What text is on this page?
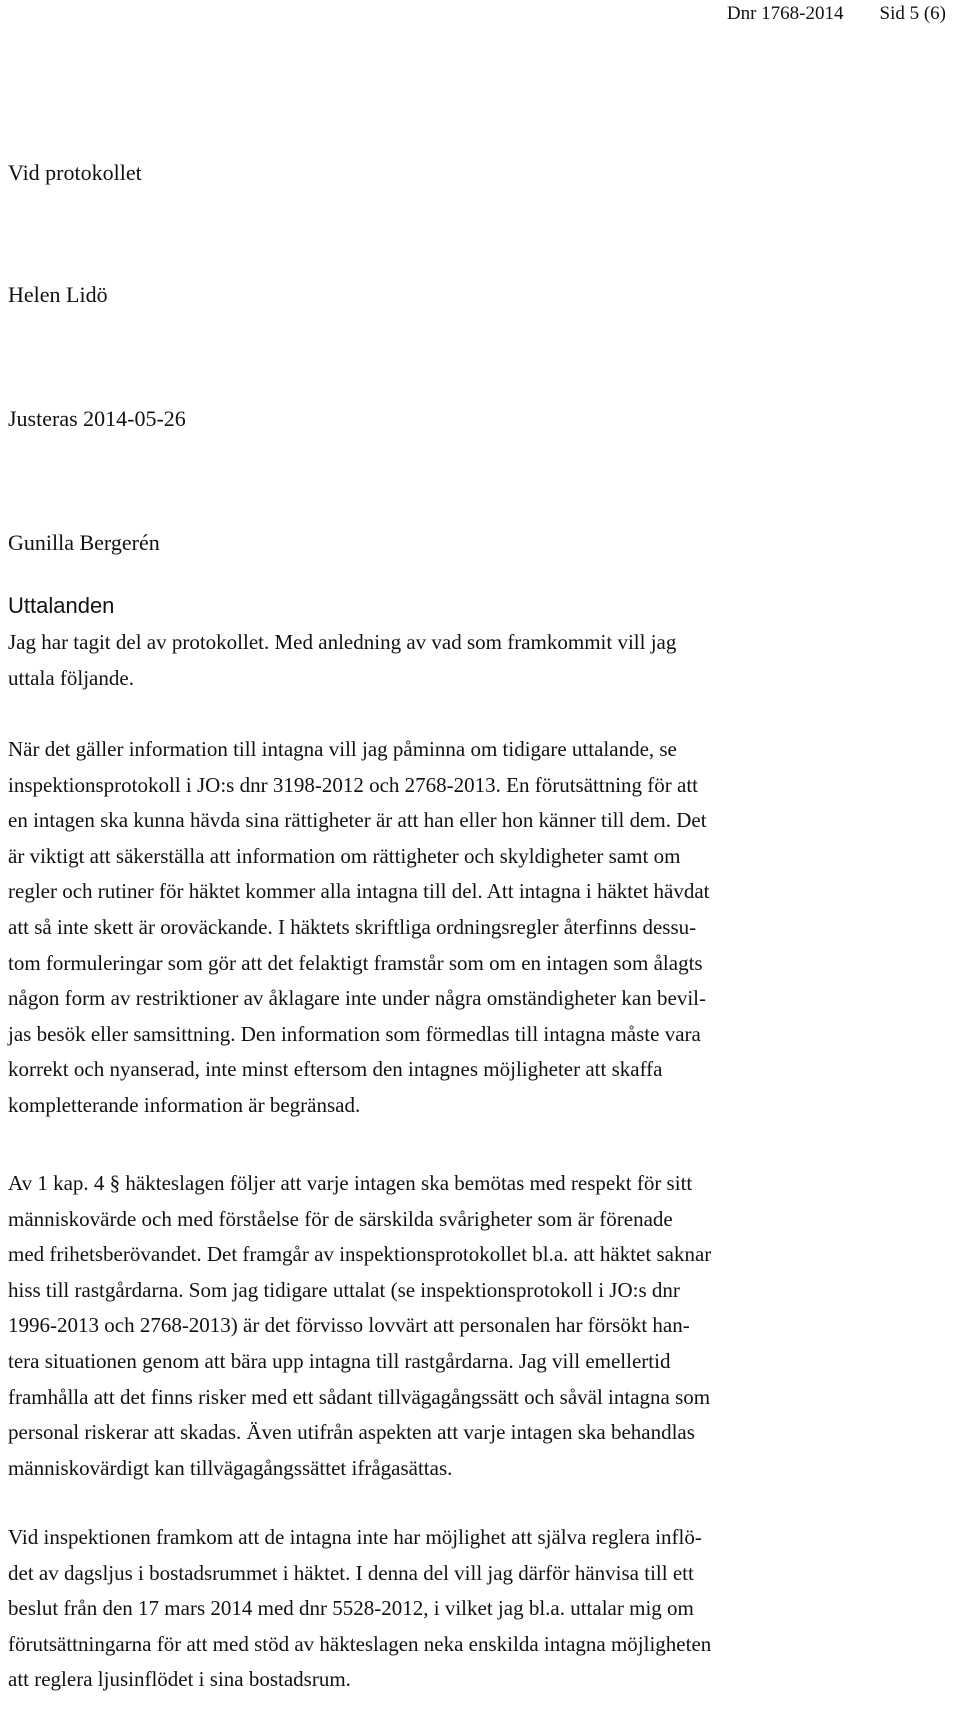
Dnr 1768-2014 Sid 5 (6)
Vid protokollet
Helen Lidö
Justeras 2014-05-26
Gunilla Bergerén
Uttalanden
Jag har tagit del av protokollet. Med anledning av vad som framkommit vill jag
uttala följande.
När det gäller information till intagna vill jag påminna om tidigare uttalande, se
inspektionsprotokoll i JO:s dnr 3198-2012 och 2768-2013. En förutsättning för att
en intagen ska kunna hävda sina rättigheter är att han eller hon känner till dem. Det
är viktigt att säkerställa att information om rättigheter och skyldigheter samt om
regler och rutiner för häktet kommer alla intagna till del. Att intagna i häktet hävdat
att så inte skett är oroväckande. I häktets skriftliga ordningsregler återfinns dessu-
tom formuleringar som gör att det felaktigt framstår som om en intagen som ålagts
någon form av restriktioner av åklagare inte under några omständigheter kan bevil-
jas besök eller samsittning. Den information som förmedlas till intagna måste vara
korrekt och nyanserad, inte minst eftersom den intagnes möjligheter att skaffa
kompletterande information är begränsad.
Av 1 kap. 4 § häkteslagen följer att varje intagen ska bemötas med respekt för sitt
människovärde och med förståelse för de särskilda svårigheter som är förenade
med frihetsberövandet. Det framgår av inspektionsprotokollet bl.a. att häktet saknar
hiss till rastgårdarna. Som jag tidigare uttalat (se inspektionsprotokoll i JO:s dnr
1996-2013 och 2768-2013) är det förvisso lovvärt att personalen har försökt han-
tera situationen genom att bära upp intagna till rastgårdarna. Jag vill emellertid
framhålla att det finns risker med ett sådant tillvägagångssätt och såväl intagna som
personal riskerar att skadas. Även utifrån aspekten att varje intagen ska behandlas
människovärdigt kan tillvägagångssättet ifrågasättas.
Vid inspektionen framkom att de intagna inte har möjlighet att själva reglera inflö-
det av dagsljus i bostadsrummet i häktet. I denna del vill jag därför hänvisa till ett
beslut från den 17 mars 2014 med dnr 5528-2012, i vilket jag bl.a. uttalar mig om
förutsättningarna för att med stöd av häkteslagen neka enskilda intagna möjligheten
att reglera ljusinflödet i sina bostadsrum.
